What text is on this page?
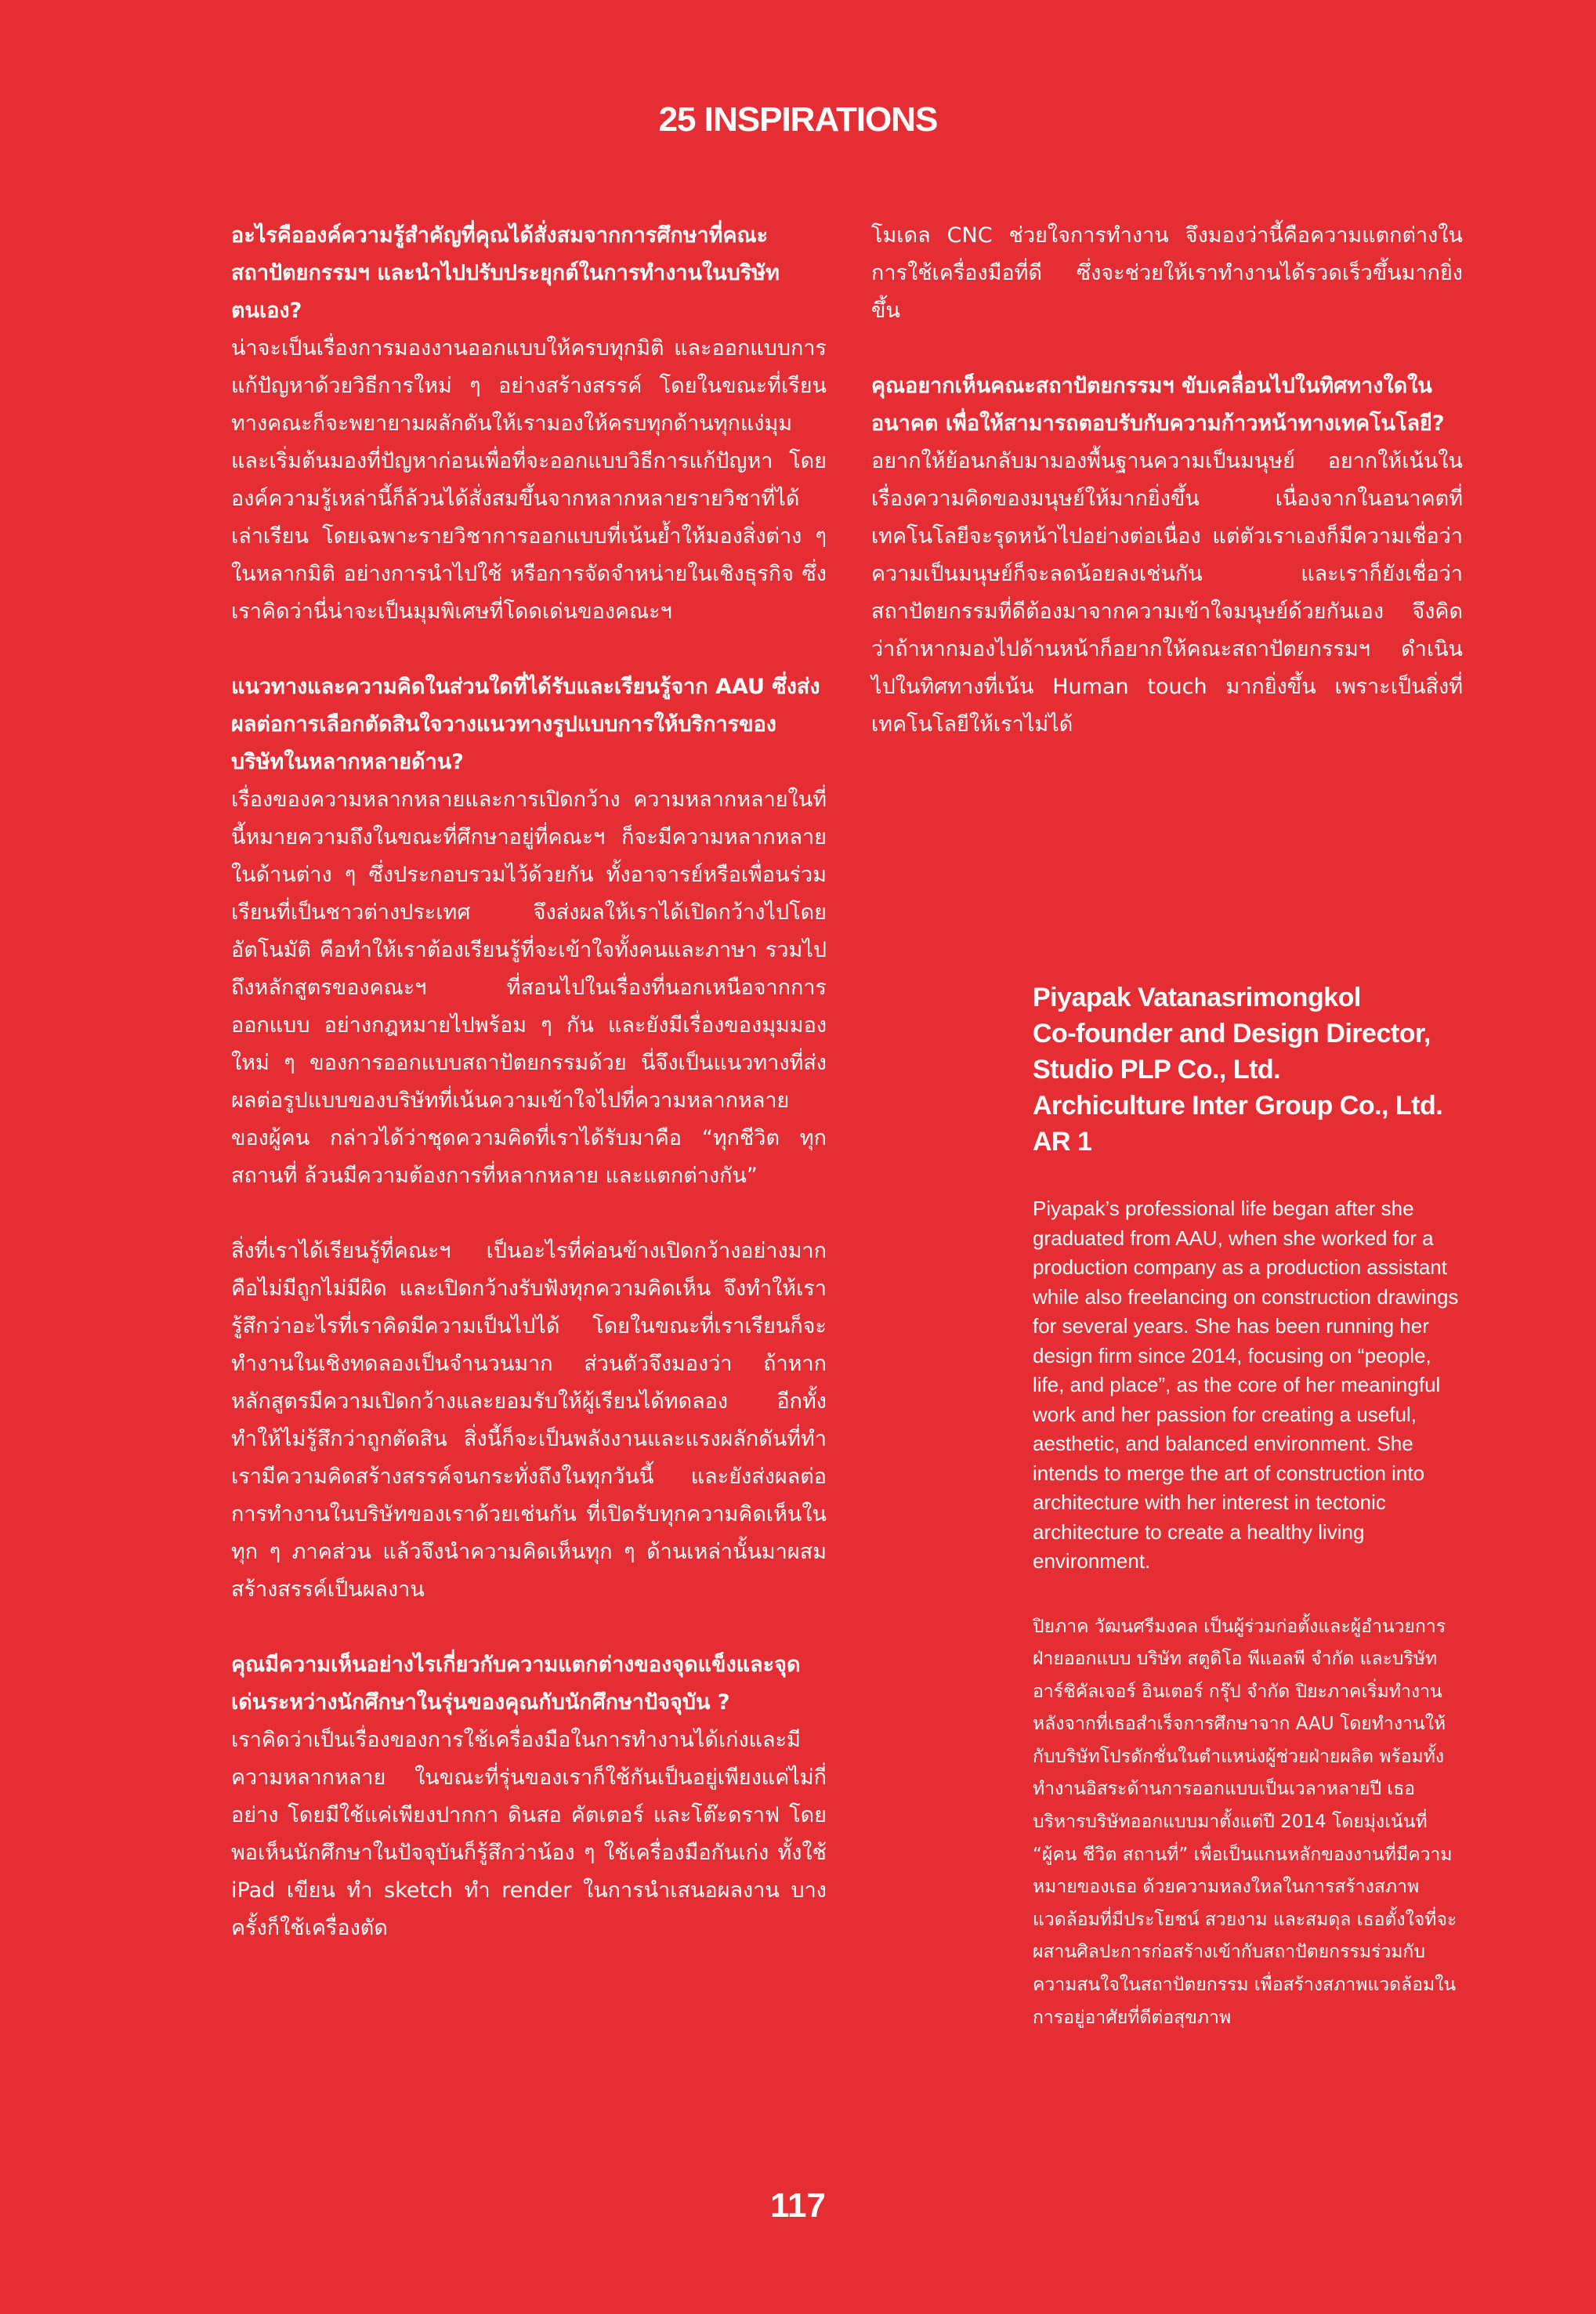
25 INSPIRATIONS

อะไรคือองค์ความรู้สำคัญที่คุณได้สั่งสมจากการศึกษาที่คณะสถาปัตยกรรมฯ และนำไปปรับประยุกต์ในการทำงานในบริษัทตนเอง?

น่าจะเป็นเรื่องการมองงานออกแบบให้ครบทุกมิติ และออกแบบการแก้ปัญหาด้วยวิธีการใหม่ ๆ อย่างสร้างสรรค์ โดยในขณะที่เรียน ทางคณะก็จะพยายามผลักดันให้เรามองให้ครบทุกด้านทุกแง่มุม และเริ่มต้นมองที่ปัญหาก่อนเพื่อที่จะออกแบบวิธีการแก้ปัญหา โดยองค์ความรู้เหล่านี้ก็ล้วนได้สั่งสมขึ้นจากหลากหลายรายวิชาที่ได้เล่าเรียน โดยเฉพาะรายวิชาการออกแบบที่เน้นย้ำให้มองสิ่งต่าง ๆ ในหลากมิติ อย่างการนำไปใช้ หรือการจัดจำหน่ายในเชิงธุรกิจ ซึ่งเราคิดว่านี่น่าจะเป็นมุมพิเศษที่โดดเด่นของคณะฯ

แนวทางและความคิดในส่วนใดที่ได้รับและเรียนรู้จาก AAU ซึ่งส่งผลต่อการเลือกตัดสินใจวางแนวทางรูปแบบการให้บริการของบริษัทในหลากหลายด้าน?

เรื่องของความหลากหลายและการเปิดกว้าง ความหลากหลายในที่นี้หมายความถึงในขณะที่ศึกษาอยู่ที่คณะฯ ก็จะมีความหลากหลายในด้านต่าง ๆ ซึ่งประกอบรวมไว้ด้วยกัน ทั้งอาจารย์หรือเพื่อนร่วมเรียนที่เป็นชาวต่างประเทศ จึงส่งผลให้เราได้เปิดกว้างไปโดยอัตโนมัติ คือทำให้เราต้องเรียนรู้ที่จะเข้าใจทั้งคนและภาษา รวมไปถึงหลักสูตรของคณะฯ ที่สอนไปในเรื่องที่นอกเหนือจากการออกแบบ อย่างกฎหมายไปพร้อม ๆ กัน และยังมีเรื่องของมุมมองใหม่ ๆ ของการออกแบบสถาปัตยกรรมด้วย นี่จึงเป็นแนวทางที่ส่งผลต่อรูปแบบของบริษัทที่เน้นความเข้าใจไปที่ความหลากหลายของผู้คน กล่าวได้ว่าชุดความคิดที่เราได้รับมาคือ “ทุกชีวิต ทุกสถานที่ ล้วนมีความต้องการที่หลากหลาย และแตกต่างกัน”

สิ่งที่เราได้เรียนรู้ที่คณะฯ เป็นอะไรที่ค่อนข้างเปิดกว้างอย่างมาก คือไม่มีถูกไม่มีผิด และเปิดกว้างรับฟังทุกความคิดเห็น จึงทำให้เรารู้สึกว่าอะไรที่เราคิดมีความเป็นไปได้ โดยในขณะที่เราเรียนก็จะทำงานในเชิงทดลองเป็นจำนวนมาก ส่วนตัวจึงมองว่า ถ้าหากหลักสูตรมีความเปิดกว้างและยอมรับให้ผู้เรียนได้ทดลอง อีกทั้งทำให้ไม่รู้สึกว่าถูกตัดสิน สิ่งนี้ก็จะเป็นพลังงานและแรงผลักดันที่ทำเรามีความคิดสร้างสรรค์จนกระทั่งถึงในทุกวันนี้ และยังส่งผลต่อการทำงานในบริษัทของเราด้วยเช่นกัน ที่เปิดรับทุกความคิดเห็นในทุก ๆ ภาคส่วน แล้วจึงนำความคิดเห็นทุก ๆ ด้านเหล่านั้นมาผสมสร้างสรรค์เป็นผลงาน

คุณมีความเห็นอย่างไรเกี่ยวกับความแตกต่างของจุดแข็งและจุดเด่นระหว่างนักศึกษาในรุ่นของคุณกับนักศึกษาปัจจุบัน ?

เราคิดว่าเป็นเรื่องของการใช้เครื่องมือในการทำงานได้เก่งและมีความหลากหลาย ในขณะที่รุ่นของเราก็ใช้กันเป็นอยู่เพียงแค่ไม่กี่อย่าง โดยมีใช้แค่เพียงปากกา ดินสอ คัตเตอร์ และโต๊ะดราฟ โดยพอเห็นนักศึกษาในปัจจุบันก็รู้สึกว่าน้อง ๆ ใช้เครื่องมือกันเก่ง ทั้งใช้ iPad เขียน ทำ sketch ทำ render ในการนำเสนอผลงาน บางครั้งก็ใช้เครื่องตัด

โมเดล CNC ช่วยใจการทำงาน จึงมองว่านี้คือความแตกต่างในการใช้เครื่องมือที่ดี ซึ่งจะช่วยให้เราทำงานได้รวดเร็วขึ้นมากยิ่งขึ้น

คุณอยากเห็นคณะสถาปัตยกรรมฯ ขับเคลื่อนไปในทิศทางใดในอนาคต เพื่อให้สามารถตอบรับกับความก้าวหน้าทางเทคโนโลยี?

อยากให้ย้อนกลับมามองพื้นฐานความเป็นมนุษย์ อยากให้เน้นในเรื่องความคิดของมนุษย์ให้มากยิ่งขึ้น เนื่องจากในอนาคตที่เทคโนโลยีจะรุดหน้าไปอย่างต่อเนื่อง แต่ตัวเราเองก็มีความเชื่อว่า ความเป็นมนุษย์ก็จะลดน้อยลงเช่นกัน และเราก็ยังเชื่อว่า สถาปัตยกรรมที่ดีต้องมาจากความเข้าใจมนุษย์ด้วยกันเอง จึงคิดว่าถ้าหากมองไปด้านหน้าก็อยากให้คณะสถาปัตยกรรมฯ ดำเนินไปในทิศทางที่เน้น Human touch มากยิ่งขึ้น เพราะเป็นสิ่งที่เทคโนโลยีให้เราไม่ได้

Piyapak Vatanasrimongkol
Co-founder and Design Director,
Studio PLP Co., Ltd.
Archiculture Inter Group Co., Ltd.
AR 1

Piyapak’s professional life began after she graduated from AAU, when she worked for a production company as a production assistant while also freelancing on construction drawings for several years. She has been running her design firm since 2014, focusing on “people, life, and place”, as the core of her meaningful work and her passion for creating a useful, aesthetic, and balanced environment. She intends to merge the art of construction into architecture with her interest in tectonic architecture to create a healthy living environment.

ปิยภาค วัฒนศรีมงคล เป็นผู้ร่วมก่อตั้งและผู้อำนวยการฝ่ายออกแบบ บริษัท สตูดิโอ พีแอลพี จำกัด และบริษัท อาร์ชิคัลเจอร์ อินเตอร์ กรุ๊ป จำกัด ปิยะภาคเริ่มทำงานหลังจากที่เธอสำเร็จการศึกษาจาก AAU โดยทำงานให้กับบริษัทโปรดักชั่นในตำแหน่งผู้ช่วยฝ่ายผลิต พร้อมทั้งทำงานอิสระด้านการออกแบบเป็นเวลาหลายปี เธอบริหารบริษัทออกแบบมาตั้งแต่ปี 2014 โดยมุ่งเน้นที่ “ผู้คน ชีวิต สถานที่” เพื่อเป็นแกนหลักของงานที่มีความหมายของเธอ ด้วยความหลงใหลในการสร้างสภาพแวดล้อมที่มีประโยชน์ สวยงาม และสมดุล เธอตั้งใจที่จะผสานศิลปะการก่อสร้างเข้ากับสถาปัตยกรรมร่วมกับความสนใจในสถาปัตยกรรม เพื่อสร้างสภาพแวดล้อมในการอยู่อาศัยที่ดีต่อสุขภาพ

117
